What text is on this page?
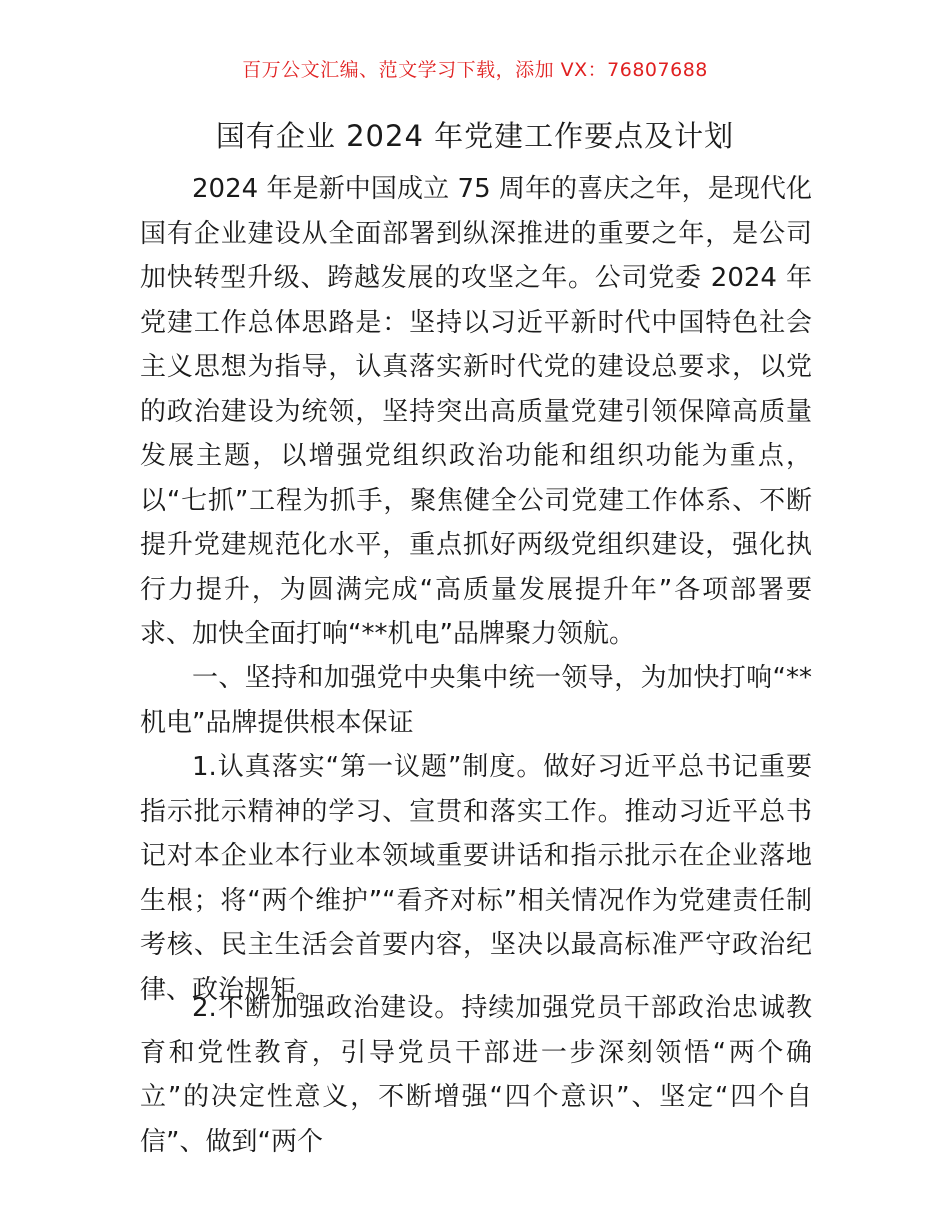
百万公文汇编、范文学习下载，添加 VX：76807688
国有企业 2024 年党建工作要点及计划

2024 年是新中国成立 75 周年的喜庆之年，是现代化国有企业建设从全面部署到纵深推进的重要之年，是公司加快转型升级、跨越发展的攻坚之年。公司党委 2024 年党建工作总体思路是：坚持以习近平新时代中国特色社会主义思想为指导，认真落实新时代党的建设总要求，以党的政治建设为统领，坚持突出高质量党建引领保障高质量发展主题，以增强党组织政治功能和组织功能为重点，以“七抓”工程为抓手，聚焦健全公司党建工作体系、不断提升党建规范化水平，重点抓好两级党组织建设，强化执行力提升，为圆满完成“高质量发展提升年”各项部署要求、加快全面打响“**机电”品牌聚力领航。

一、坚持和加强党中央集中统一领导，为加快打响“**机电”品牌提供根本保证

1.认真落实“第一议题”制度。做好习近平总书记重要指示批示精神的学习、宣贯和落实工作。推动习近平总书记对本企业本行业本领域重要讲话和指示批示在企业落地生根；将“两个维护”“看齐对标”相关情况作为党建责任制考核、民主生活会首要内容，坚决以最高标准严守政治纪律、政治规矩。

2.不断加强政治建设。持续加强党员干部政治忠诚教育和党性教育，引导党员干部进一步深刻领悟“两个确立”的决定性意义，不断增强“四个意识”、坚定“四个自信”、做到“两个
